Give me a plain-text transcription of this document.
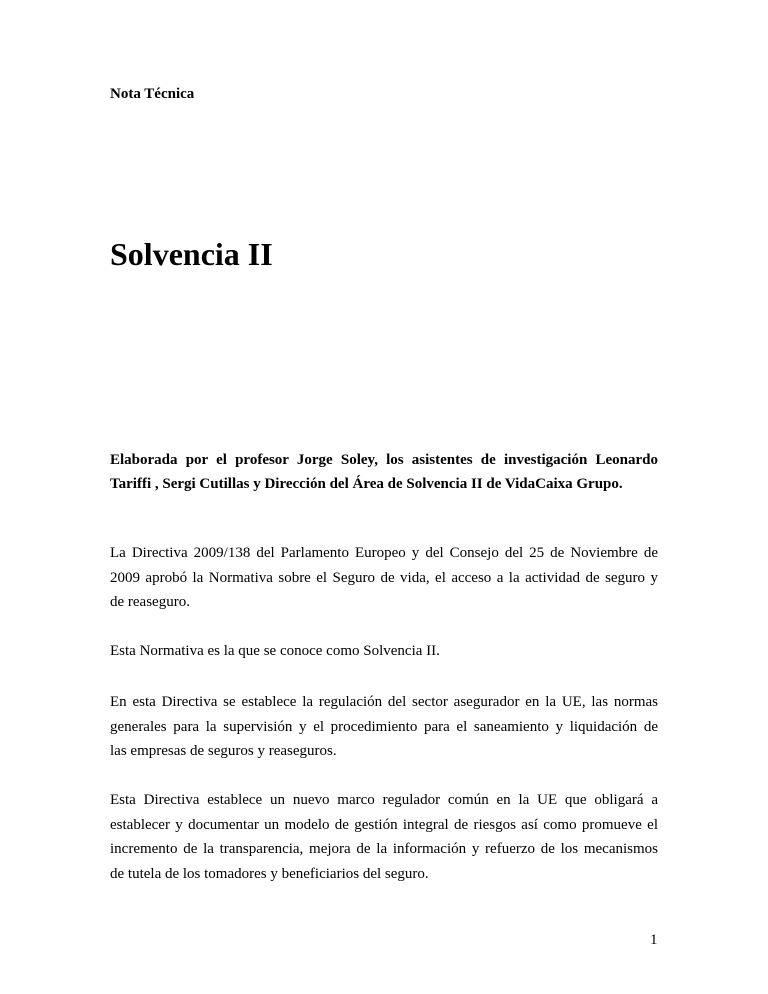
Nota Técnica
Solvencia II
Elaborada por el profesor Jorge Soley, los asistentes de investigación Leonardo
Tariffi , Sergi Cutillas y Dirección del Área de Solvencia II de VidaCaixa Grupo.
La Directiva 2009/138 del Parlamento Europeo y del Consejo del 25 de Noviembre de
2009 aprobó la Normativa sobre el Seguro de vida, el acceso a la actividad de seguro y
de reaseguro.
Esta Normativa es la que se conoce como Solvencia II.
En esta Directiva se establece la regulación del sector asegurador en la UE, las normas
generales para la supervisión y el procedimiento para el saneamiento y liquidación de
las empresas de seguros y reaseguros.
Esta Directiva establece un nuevo marco regulador común en la UE que obligará a
establecer y documentar un modelo de gestión integral de riesgos así como promueve el
incremento de la transparencia, mejora de la información y refuerzo de los mecanismos
de tutela de los tomadores y beneficiarios del seguro.
1
